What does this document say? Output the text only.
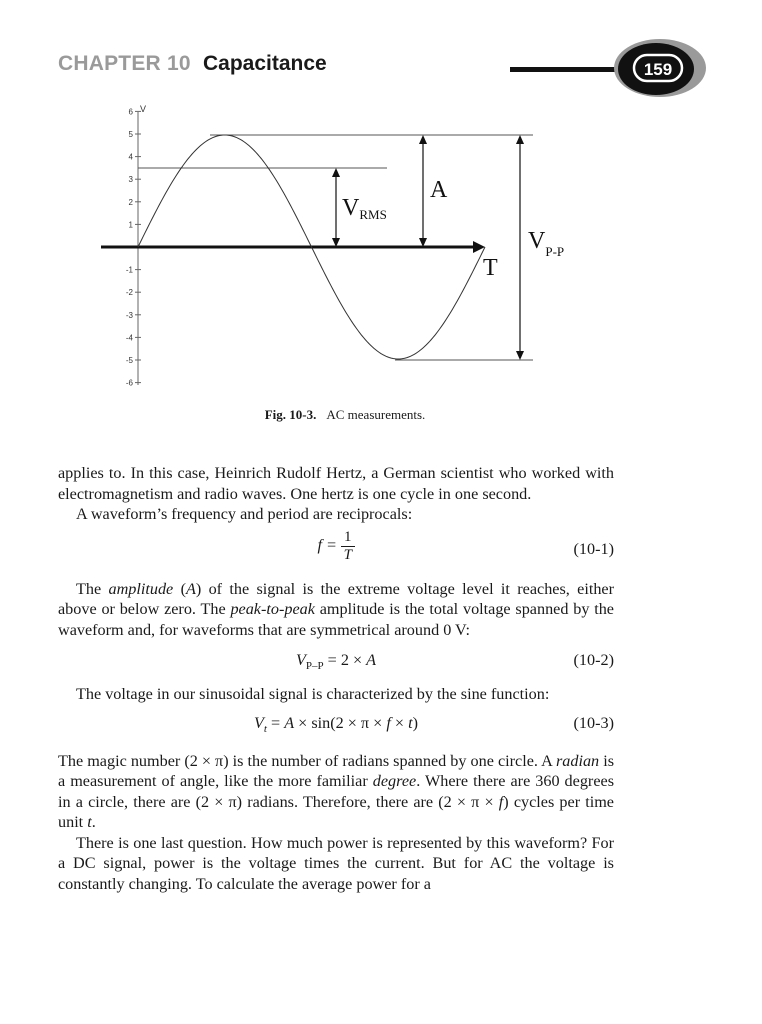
CHAPTER 10 Capacitance	159
V
6
5
4
3
2
1
-1
-2
-3
-4
-5
-6
VRMS
A
T
$V_{P-P}$
Fig. 10-3. AC measurements.

applies to. In this case, Heinrich Rudolf Hertz, a German scientist who worked with electromagnetism and radio waves. One hertz is one cycle in one second.

A waveform’s frequency and period are reciprocals:

$f = \frac{1}{T}$	(10-1)

The amplitude (A) of the signal is the extreme voltage level it reaches, either above or below zero. The peak-to-peak amplitude is the total voltage spanned by the waveform and, for waveforms that are symmetrical around 0 V:

$V_{P-P} = 2 \times A$	(10-2)

The voltage in our sinusoidal signal is characterized by the sine function:

$V_t = A \times \sin(2 \times \pi \times f \times t)$	(10-3)

The magic number (2 × π) is the number of radians spanned by one circle. A radian is a measurement of angle, like the more familiar degree. Where there are 360 degrees in a circle, there are (2 × π) radians. Therefore, there are (2 × π × f) cycles per time unit t.

There is one last question. How much power is represented by this waveform? For a DC signal, power is the voltage times the current. But for AC the voltage is constantly changing. To calculate the average power for a
